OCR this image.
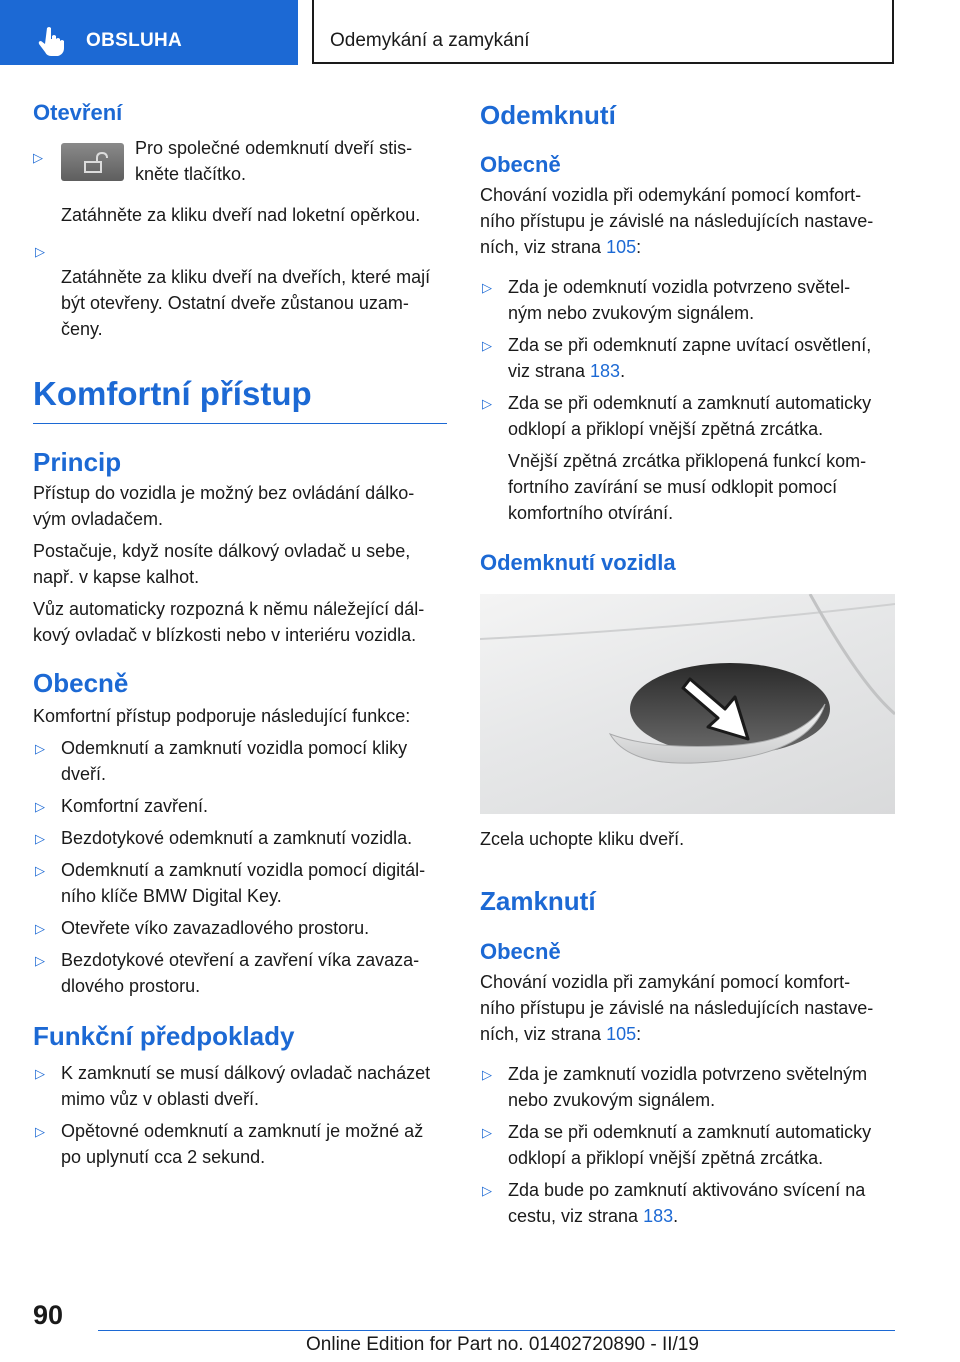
OBSLUHA	Odemykání a zamykání
Otevření
▷	Pro společné odemknutí dveří stis-
kněte tlačítko.
Zatáhněte za kliku dveří nad loketní opěrkou.

▷
Zatáhněte za kliku dveří na dveřích, které mají
být otevřeny. Ostatní dveře zůstanou uzam-
čeny.

Komfortní přístup
Princip
Přístup do vozidla je možný bez ovládání dálko-
vým ovladačem.
Postačuje, když nosíte dálkový ovladač u sebe,
např. v kapse kalhot.
Vůz automaticky rozpozná k němu náležející dál-
kový ovladač v blízkosti nebo v interiéru vozidla.
Obecně
Komfortní přístup podporuje následující funkce:
▷ Odemknutí a zamknutí vozidla pomocí kliky
dveří.
▷ Komfortní zavření.
▷ Bezdotykové odemknutí a zamknutí vozidla.
▷ Odemknutí a zamknutí vozidla pomocí digitál-
ního klíče BMW Digital Key.
▷ Otevřete víko zavazadlového prostoru.
▷ Bezdotykové otevření a zavření víka zavaza-
dlového prostoru.
Funkční předpoklady
▷ K zamknutí se musí dálkový ovladač nacházet
mimo vůz v oblasti dveří.
▷ Opětovné odemknutí a zamknutí je možné až
po uplynutí cca 2 sekund.
Odemknutí
Obecně
Chování vozidla při odemykání pomocí komfort-
ního přístupu je závislé na následujících nastave-
ních, viz strana 105:
▷ Zda je odemknutí vozidla potvrzeno světel-
ným nebo zvukovým signálem.
▷ Zda se při odemknutí zapne uvítací osvětlení,
viz strana 183.
▷ Zda se při odemknutí a zamknutí automaticky
odklopí a přiklopí vnější zpětná zrcátka.
Vnější zpětná zrcátka přiklopená funkcí kom-
fortního zavírání se musí odklopit pomocí
komfortního otvírání.
Odemknutí vozidla
Zcela uchopte kliku dveří.
Zamknutí
Obecně
Chování vozidla při zamykání pomocí komfort-
ního přístupu je závislé na následujících nastave-
ních, viz strana 105:
▷ Zda je zamknutí vozidla potvrzeno světelným
nebo zvukovým signálem.
▷ Zda se při odemknutí a zamknutí automaticky
odklopí a přiklopí vnější zpětná zrcátka.
▷ Zda bude po zamknutí aktivováno svícení na
cestu, viz strana 183.
90
Online Edition for Part no. 01402720890 - II/19
